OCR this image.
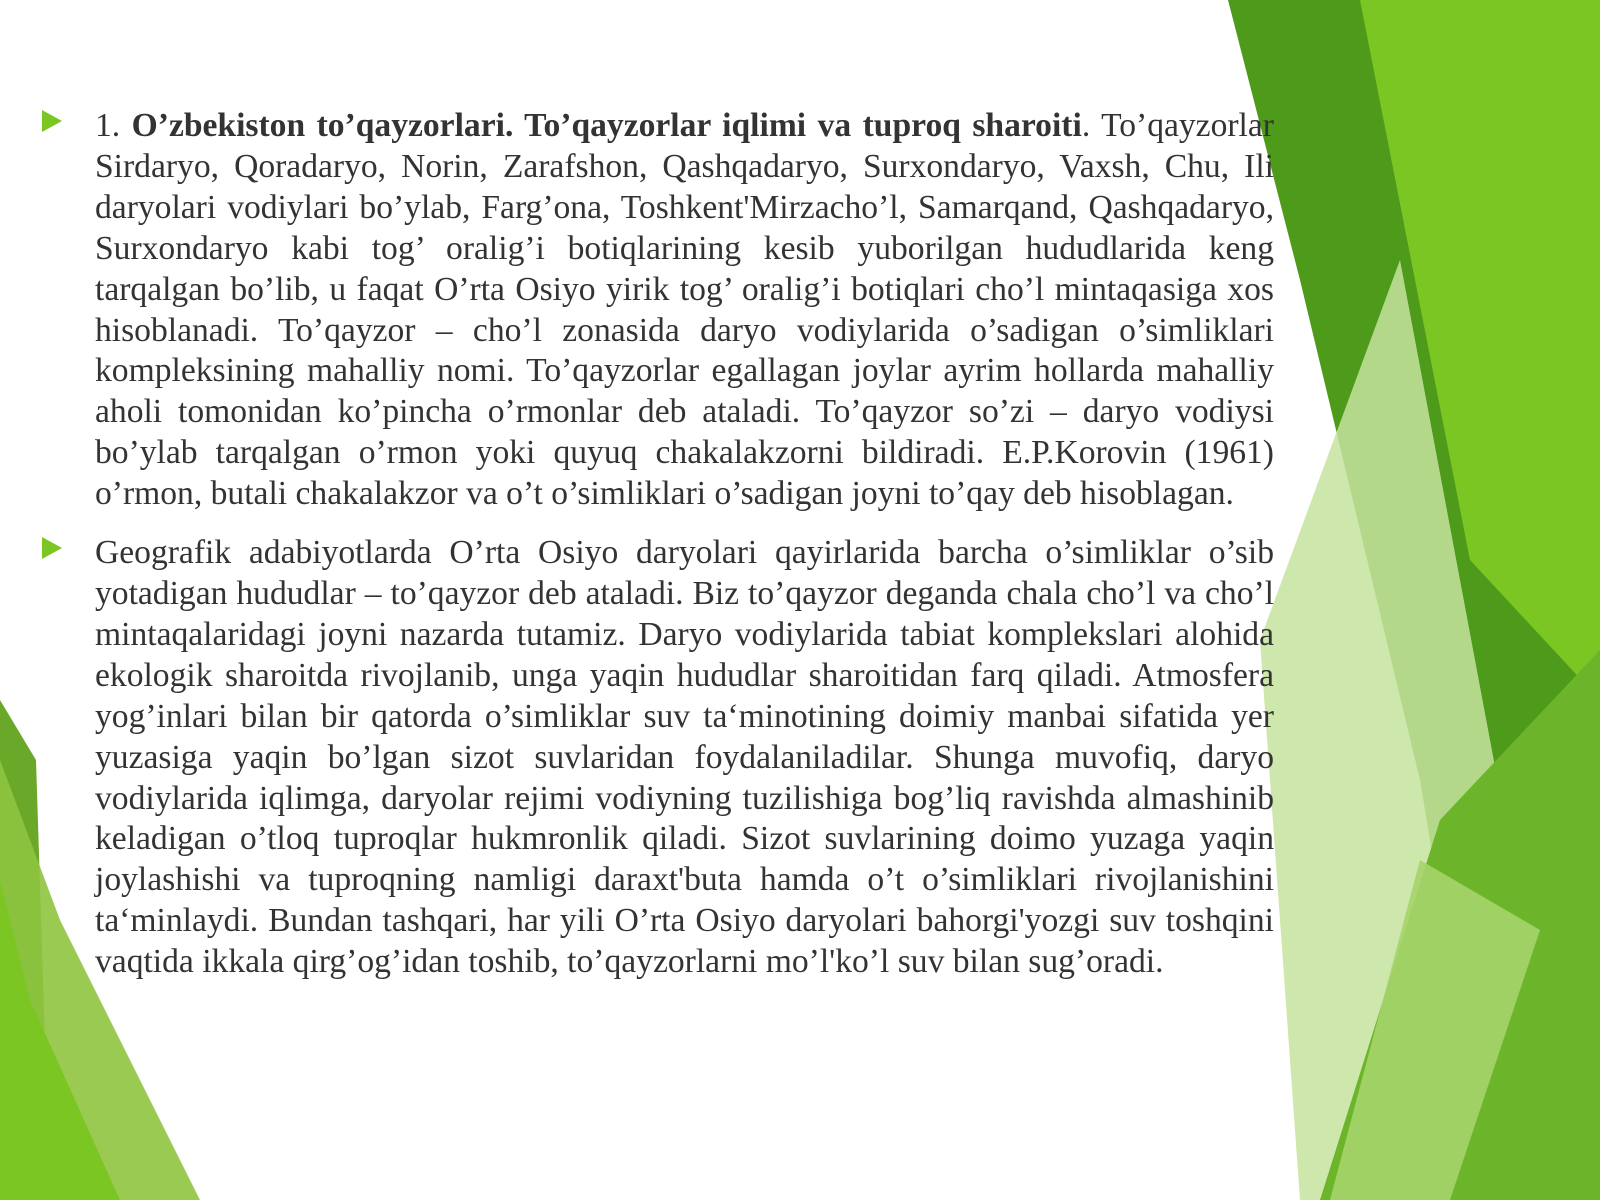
1. O’zbekiston to’qayzorlari. To’qayzorlar iqlimi va tuproq sharoiti. To’qayzorlar Sirdaryo, Qoradaryo, Norin, Zarafshon, Qashqadaryo, Surxondaryo, Vaxsh, Chu, Ili daryolari vodiylari bo’ylab, Farg’ona, Toshkent'Mirzacho’l, Samarqand, Qashqadaryo, Surxondaryo kabi tog’ oralig’i botiqlarining kesib yuborilgan hududlarida keng tarqalgan bo’lib, u faqat O’rta Osiyo yirik tog’ oralig’i botiqlari cho’l mintaqasiga xos hisoblanadi. To’qayzor – cho’l zonasida daryo vodiylarida o’sadigan o’simliklari kompleksining mahalliy nomi. To’qayzorlar egallagan joylar ayrim hollarda mahalliy aholi tomonidan ko’pincha o’rmonlar deb ataladi. To’qayzor so’zi – daryo vodiysi bo’ylab tarqalgan o’rmon yoki quyuq chakalakzorni bildiradi. E.P.Korovin (1961) o’rmon, butali chakalakzor va o’t o’simliklari o’sadigan joyni to’qay deb hisoblagan.

Geografik adabiyotlarda O’rta Osiyo daryolari qayirlarida barcha o’simliklar o’sib yotadigan hududlar – to’qayzor deb ataladi. Biz to’qayzor deganda chala cho’l va cho’l mintaqalaridagi joyni nazarda tutamiz. Daryo vodiylarida tabiat komplekslari alohida ekologik sharoitda rivojlanib, unga yaqin hududlar sharoitidan farq qiladi. Atmosfera yog’inlari bilan bir qatorda o’simliklar suv ta‘minotining doimiy manbai sifatida yer yuzasiga yaqin bo’lgan sizot suvlaridan foydalaniladilar. Shunga muvofiq, daryo vodiylarida iqlimga, daryolar rejimi vodiyning tuzilishiga bog’liq ravishda almashinib keladigan o’tloq tuproqlar hukmronlik qiladi. Sizot suvlarining doimo yuzaga yaqin joylashishi va tuproqning namligi daraxt'buta hamda o’t o’simliklari rivojlanishini ta‘minlaydi. Bundan tashqari, har yili O’rta Osiyo daryolari bahorgi'yozgi suv toshqini vaqtida ikkala qirg’og’idan toshib, to’qayzorlarni mo’l'ko’l suv bilan sug’oradi.
